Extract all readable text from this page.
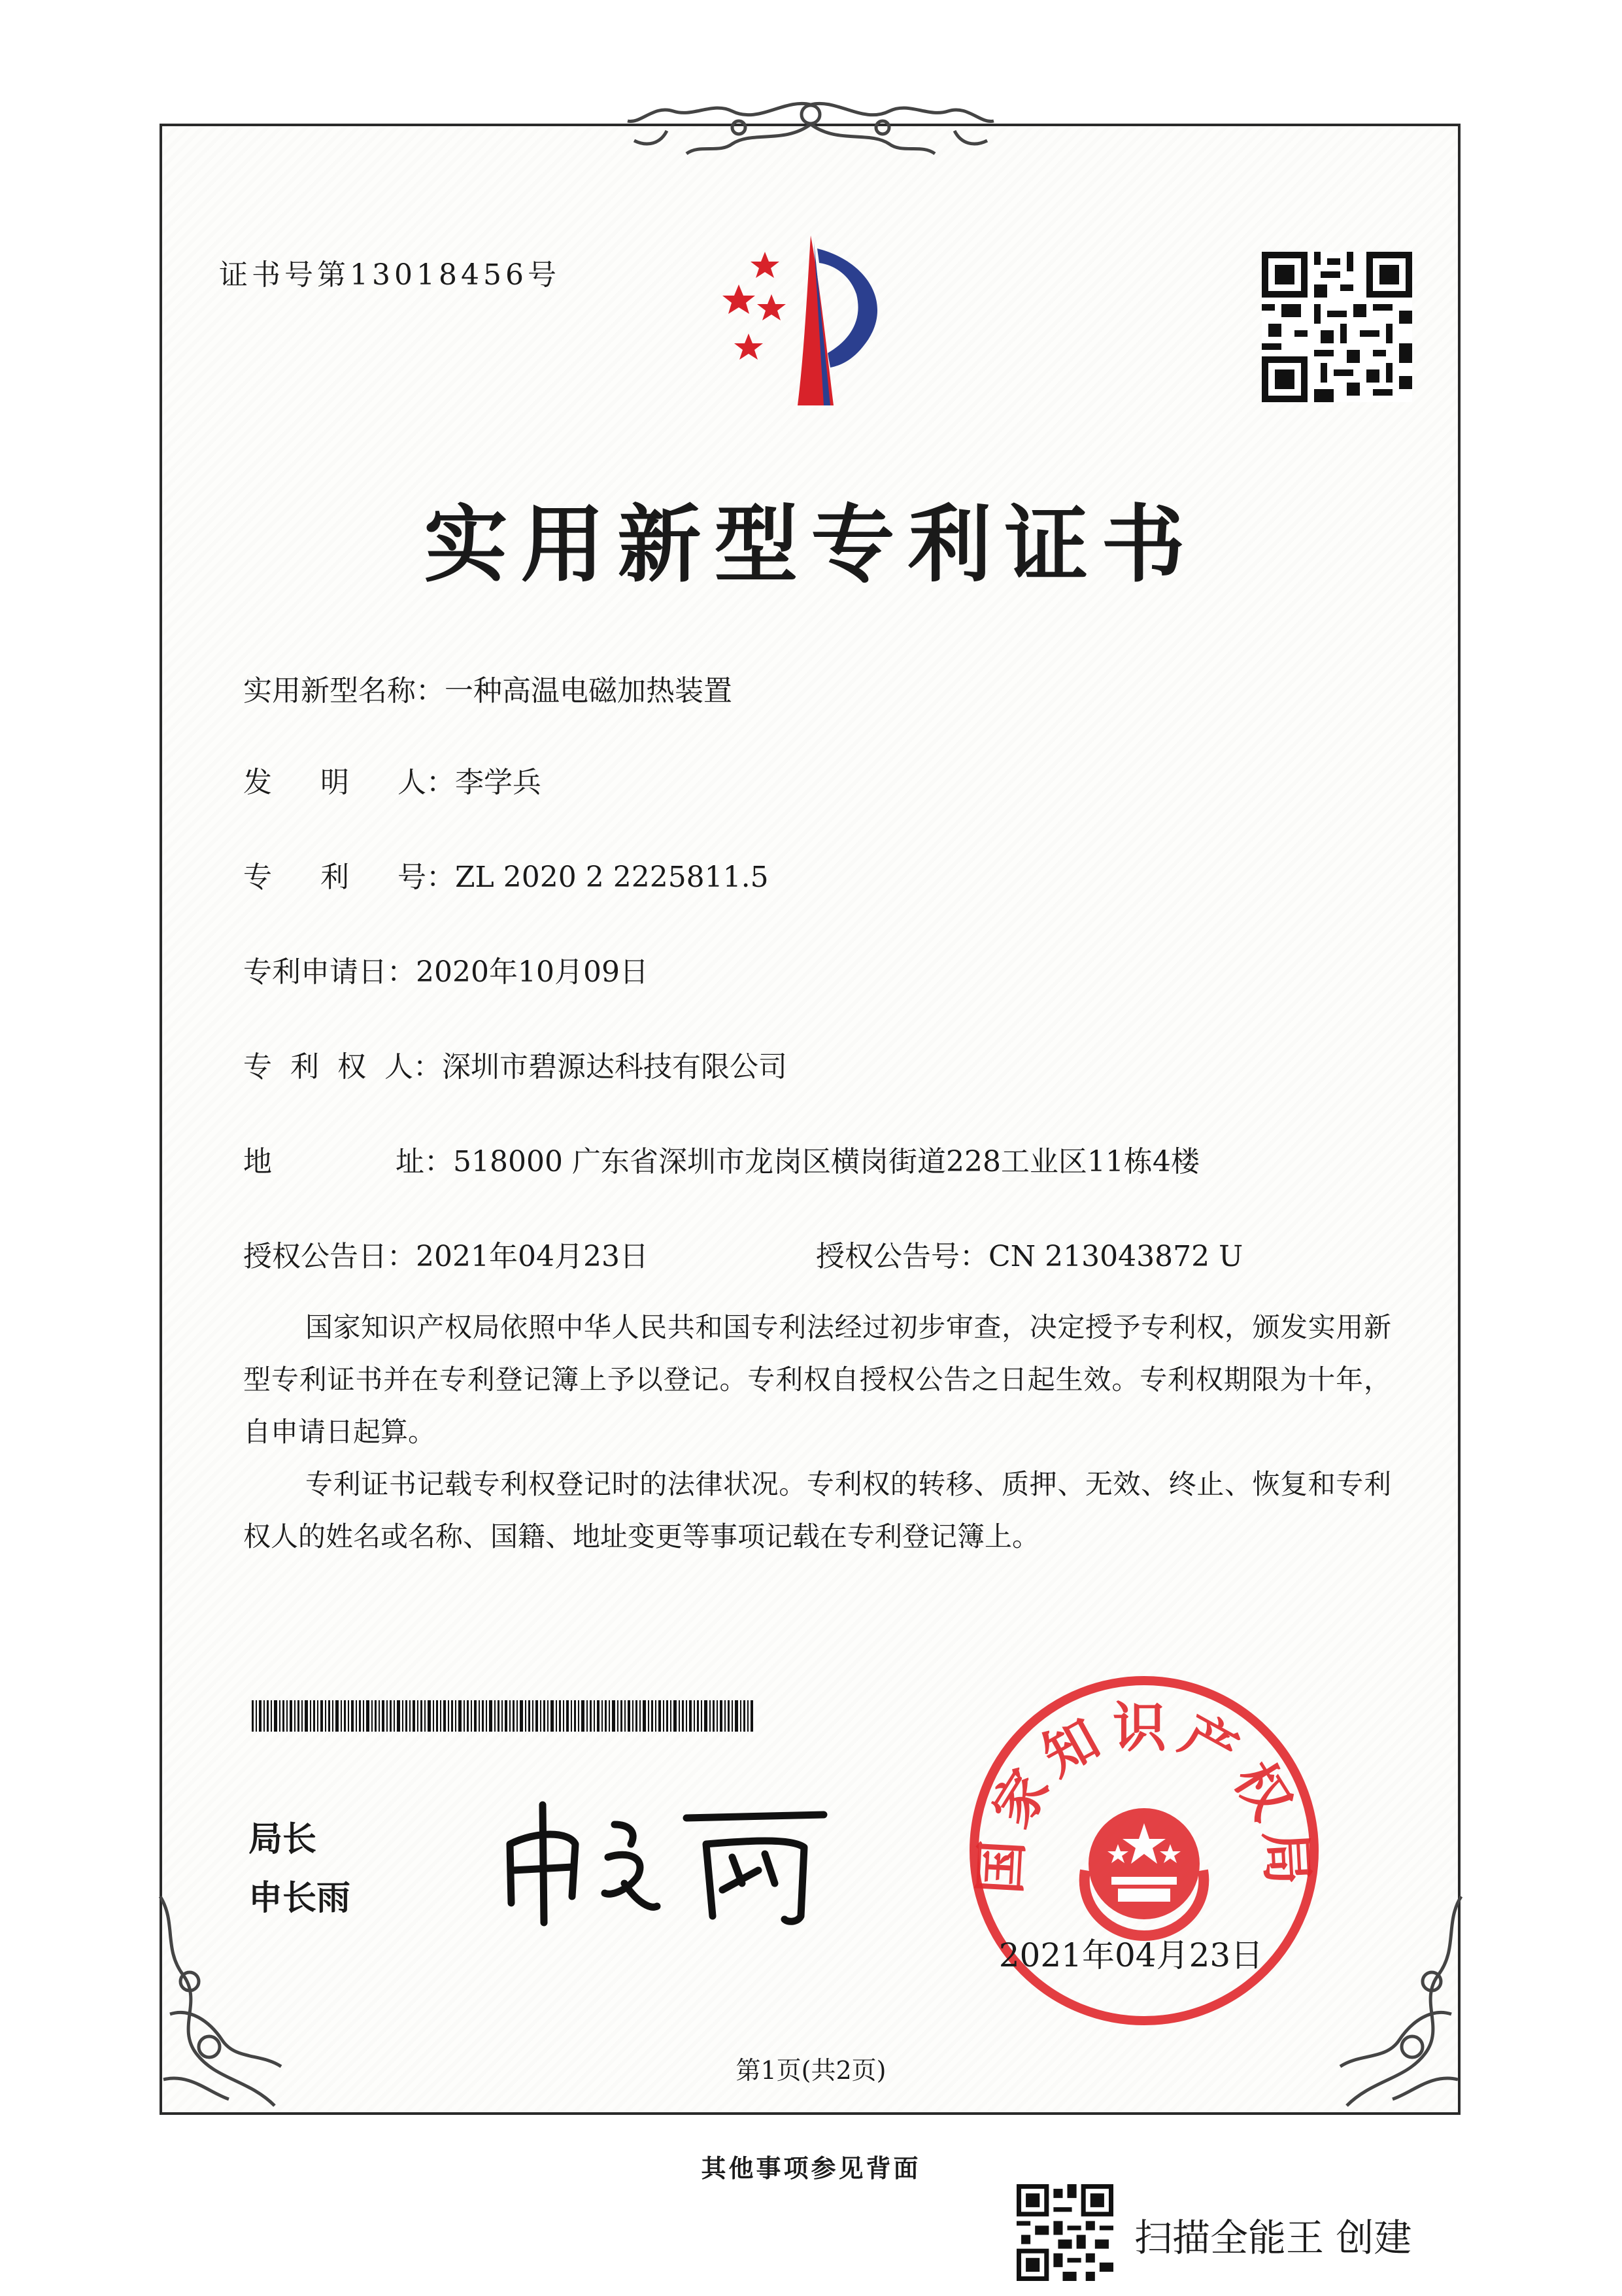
证书号第13018456号
实用新型专利证书
实用新型名称：一种高温电磁加热装置
发 明 人：李学兵
专 利 号：ZL 2020 2 2225811.5
专利申请日：2020年10月09日
专 利 权 人：深圳市碧源达科技有限公司
地 址：518000 广东省深圳市龙岗区横岗街道228工业区11栋4楼
授权公告日：2021年04月23日	授权公告号：CN 213043872 U

国家知识产权局依照中华人民共和国专利法经过初步审查，决定授予专利权，颁发实用新型专利证书并在专利登记簿上予以登记。专利权自授权公告之日起生效。专利权期限为十年，自申请日起算。

专利证书记载专利权登记时的法律状况。专利权的转移、质押、无效、终止、恢复和专利权人的姓名或名称、国籍、地址变更等事项记载在专利登记簿上。

局长
申长雨
国家知识产权局
2021年04月23日
第1页(共2页)
其他事项参见背面
扫描全能王 创建
